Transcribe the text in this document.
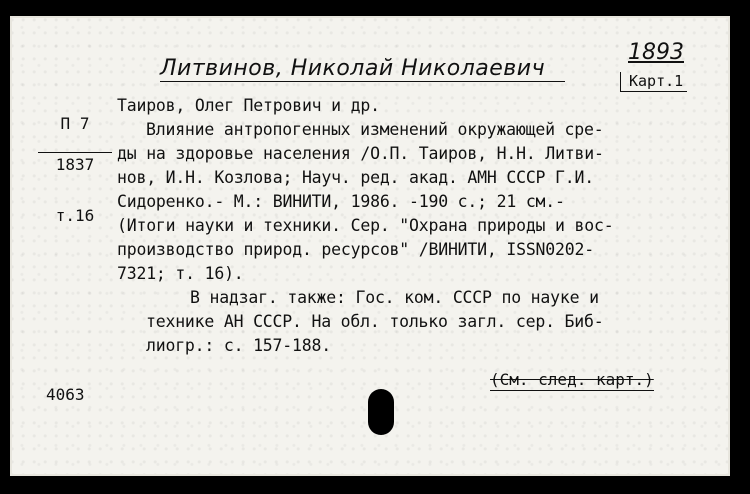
Литвинов, Николай Николаевич
1893
Карт.1
П 7
1837
т.16
Таиров, Олег Петрович и др.
Влияние антропогенных изменений окружающей сре-
ды на здоровье населения /О.П. Таиров, Н.Н. Литви-
нов, И.Н. Козлова; Науч. ред. акад. АМН СССР Г.И.
Сидоренко.- М.: ВИНИТИ, 1986. -190 с.; 21 см.-
(Итоги науки и техники. Сер. "Охрана природы и вос-
производство природ. ресурсов" /ВИНИТИ, ISSN0202-
7321; т. 16).
В надзаг. также: Гос. ком. СССР по науке и
технике АН СССР. На обл. только загл. сер. Биб-
лиогр.: с. 157-188.
(См. след. карт.)
4063
